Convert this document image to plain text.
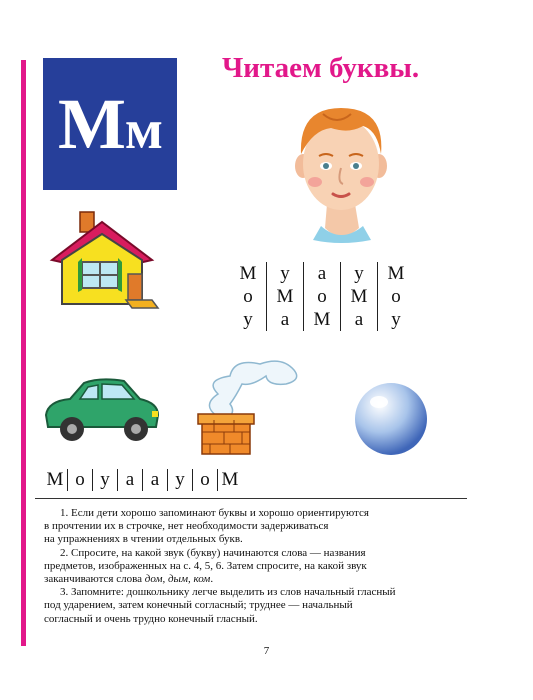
Мм
Читаем буквы.
М	у	а	у	М
о	М	о	М	о
у	а	М	а	у
М	о	у	а	а	у	о	М

1. Если дети хорошо запоминают буквы и хорошо ориентируются

в прочтении их в строчке, нет необходимости задерживаться

на упражнениях в чтении отдельных букв.

2. Спросите, на какой звук (букву) начинаются слова — названия

предметов, изображенных на с. 4, 5, 6. Затем спросите, на какой звук

заканчиваются слова дом, дым, ком.

3. Запомните: дошкольнику легче выделить из слов начальный гласный

под ударением, затем конечный согласный; труднее — начальный

согласный и очень трудно конечный гласный.

7
